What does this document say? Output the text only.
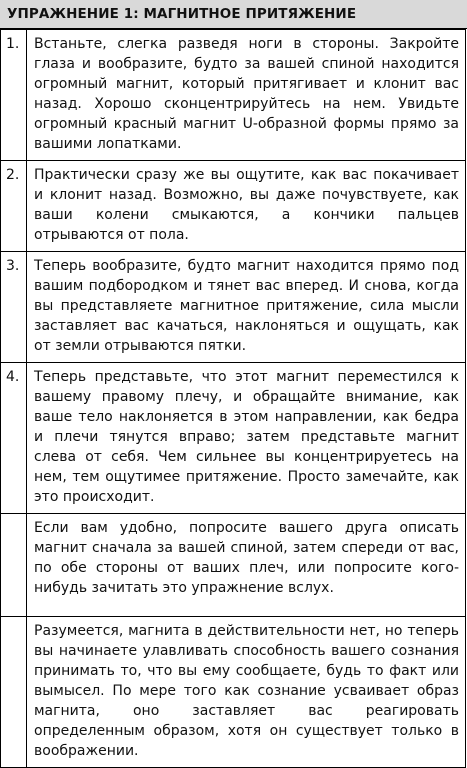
УПРАЖНЕНИЕ 1: МАГНИТНОЕ ПРИТЯЖЕНИЕ
1.	Встаньте, слегка разведя ноги в стороны. Закройте глаза и вообразите, будто за вашей спиной находится огромный магнит, который притягивает и клонит вас назад. Хорошо сконцентрируйтесь на нем. Увидьте огромный красный магнит U-образной формы прямо за вашими лопатками.
2.	Практически сразу же вы ощутите, как вас покачивает и клонит назад. Возможно, вы даже почувствуете, как ваши колени смыкаются, а кончики пальцев отрываются от пола.
3.	Теперь вообразите, будто магнит находится прямо под вашим подбородком и тянет вас вперед. И снова, когда вы представляете магнитное притяжение, сила мысли заставляет вас качаться, наклоняться и ощущать, как от земли отрываются пятки.
4.	Теперь представьте, что этот магнит переместился к вашему правому плечу, и обращайте внимание, как ваше тело наклоняется в этом направлении, как бедра и плечи тянутся вправо; затем представьте магнит слева от себя. Чем сильнее вы концентрируетесь на нем, тем ощутимее притяжение. Просто замечайте, как это происходит.
	Если вам удобно, попросите вашего друга описать магнит сначала за вашей спиной, затем спереди от вас, по обе стороны от ваших плеч, или попросите кого-нибудь зачитать это упражнение вслух.
	Разумеется, магнита в действительности нет, но теперь вы начинаете улавливать способность вашего сознания принимать то, что вы ему сообщаете, будь то факт или вымысел. По мере того как сознание усваивает образ магнита, оно заставляет вас реагировать определенным образом, хотя он существует только в воображении.
